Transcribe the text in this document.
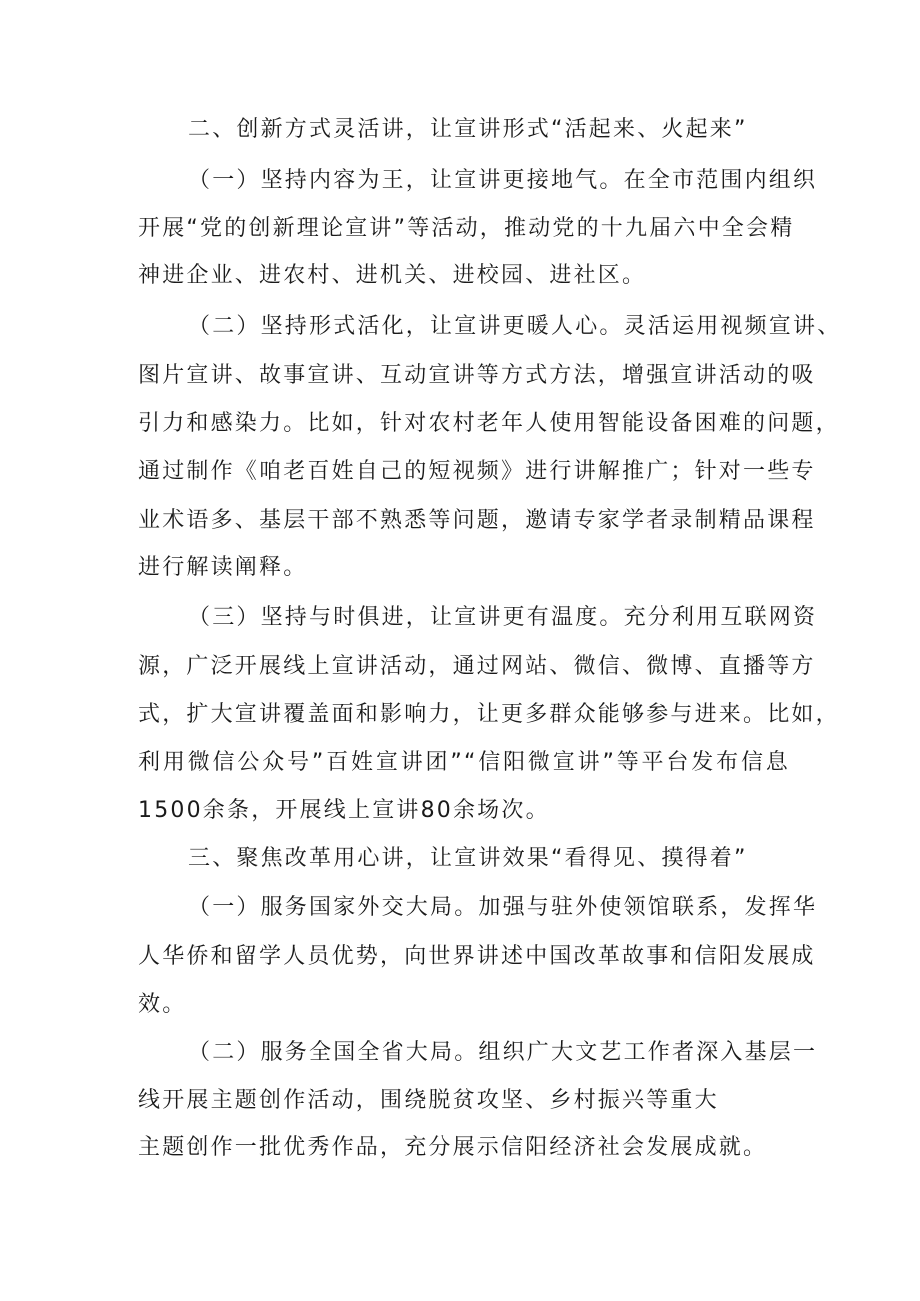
二、创新方式灵活讲，让宣讲形式“活起来、火起来”
（一）坚持内容为王，让宣讲更接地气。在全市范围内组织
开展“党的创新理论宣讲”等活动，推动党的十九届六中全会精
神进企业、进农村、进机关、进校园、进社区。
（二）坚持形式活化，让宣讲更暖人心。灵活运用视频宣讲、
图片宣讲、故事宣讲、互动宣讲等方式方法，增强宣讲活动的吸
引力和感染力。比如，针对农村老年人使用智能设备困难的问题，
通过制作《咱老百姓自己的短视频》进行讲解推广；针对一些专
业术语多、基层干部不熟悉等问题，邀请专家学者录制精品课程
进行解读阐释。
（三）坚持与时俱进，让宣讲更有温度。充分利用互联网资
源，广泛开展线上宣讲活动，通过网站、微信、微博、直播等方
式，扩大宣讲覆盖面和影响力，让更多群众能够参与进来。比如，
利用微信公众号”百姓宣讲团”“信阳微宣讲”等平台发布信息
1500余条，开展线上宣讲80余场次。
三、聚焦改革用心讲，让宣讲效果“看得见、摸得着”
（一）服务国家外交大局。加强与驻外使领馆联系，发挥华
人华侨和留学人员优势，向世界讲述中国改革故事和信阳发展成
效。
（二）服务全国全省大局。组织广大文艺工作者深入基层一
线开展主题创作活动，围绕脱贫攻坚、乡村振兴等重大
主题创作一批优秀作品，充分展示信阳经济社会发展成就。
